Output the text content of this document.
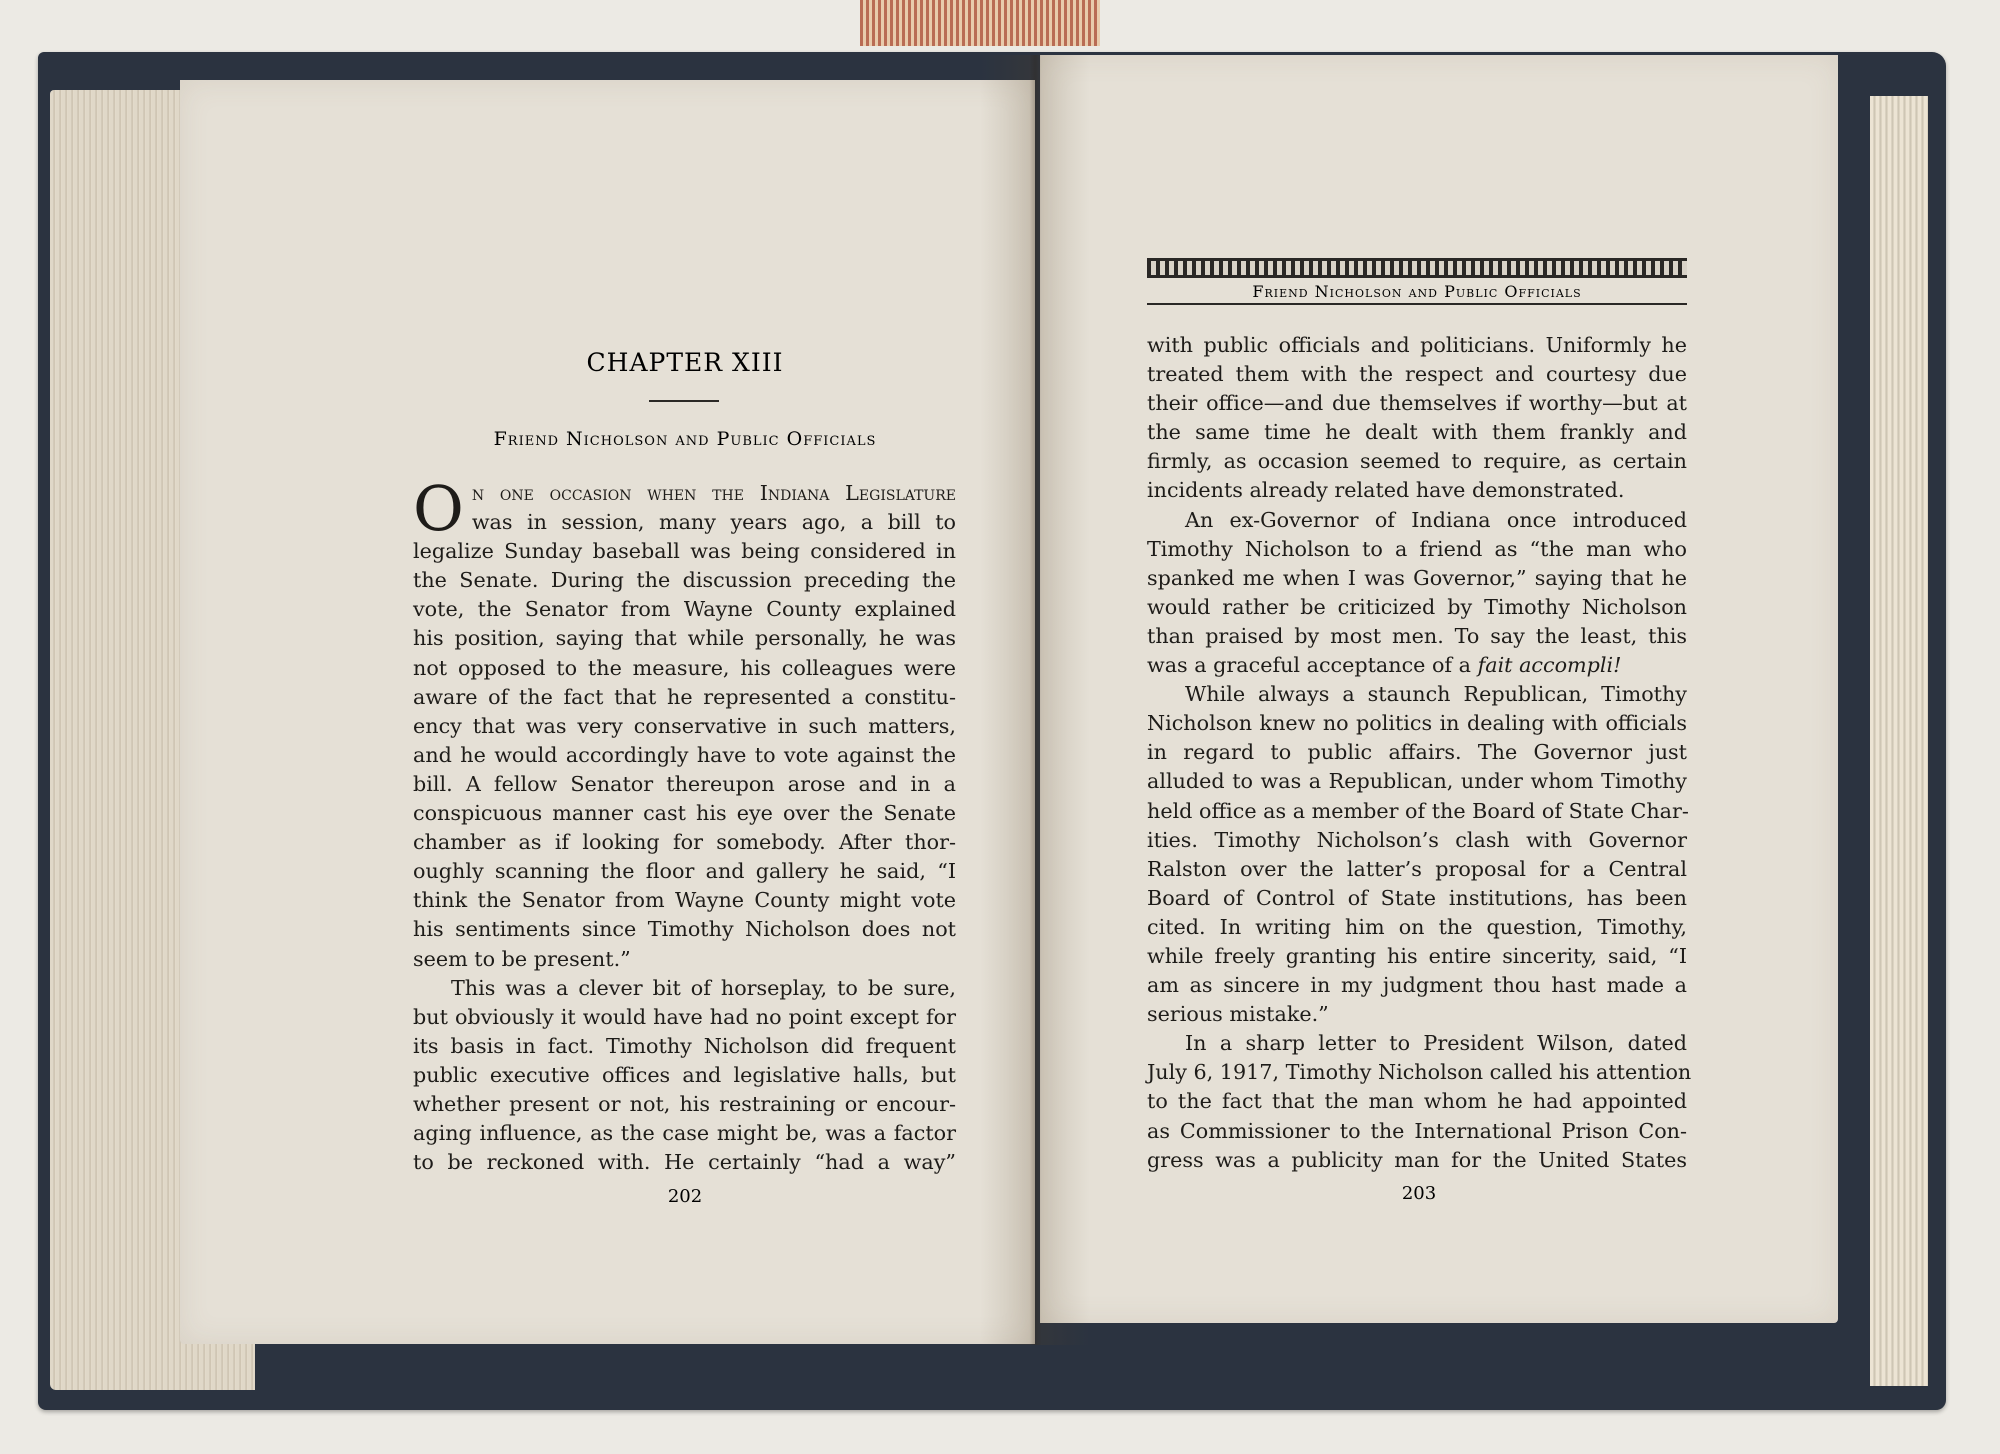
CHAPTER XIII
Friend Nicholson and Public Officials
O n one occasion when the Indiana Legislature
was in session, many years ago, a bill to
legalize Sunday baseball was being considered in
the Senate. During the discussion preceding the
vote, the Senator from Wayne County explained
his position, saying that while personally, he was
not opposed to the measure, his colleagues were
aware of the fact that he represented a constitu-
ency that was very conservative in such matters,
and he would accordingly have to vote against the
bill. A fellow Senator thereupon arose and in a
conspicuous manner cast his eye over the Senate
chamber as if looking for somebody. After thor-
oughly scanning the floor and gallery he said, “I
think the Senator from Wayne County might vote
his sentiments since Timothy Nicholson does not
seem to be present.”
This was a clever bit of horseplay, to be sure,
but obviously it would have had no point except for
its basis in fact. Timothy Nicholson did frequent
public executive offices and legislative halls, but
whether present or not, his restraining or encour-
aging influence, as the case might be, was a factor
to be reckoned with. He certainly “had a way”
202
Friend Nicholson and Public Officials
with public officials and politicians. Uniformly he
treated them with the respect and courtesy due
their office—and due themselves if worthy—but at
the same time he dealt with them frankly and
firmly, as occasion seemed to require, as certain
incidents already related have demonstrated.
An ex-Governor of Indiana once introduced
Timothy Nicholson to a friend as “the man who
spanked me when I was Governor,” saying that he
would rather be criticized by Timothy Nicholson
than praised by most men. To say the least, this
was a graceful acceptance of a fait accompli!
While always a staunch Republican, Timothy
Nicholson knew no politics in dealing with officials
in regard to public affairs. The Governor just
alluded to was a Republican, under whom Timothy
held office as a member of the Board of State Char-
ities. Timothy Nicholson’s clash with Governor
Ralston over the latter’s proposal for a Central
Board of Control of State institutions, has been
cited. In writing him on the question, Timothy,
while freely granting his entire sincerity, said, “I
am as sincere in my judgment thou hast made a
serious mistake.”
In a sharp letter to President Wilson, dated
July 6, 1917, Timothy Nicholson called his attention
to the fact that the man whom he had appointed
as Commissioner to the International Prison Con-
gress was a publicity man for the United States
203
